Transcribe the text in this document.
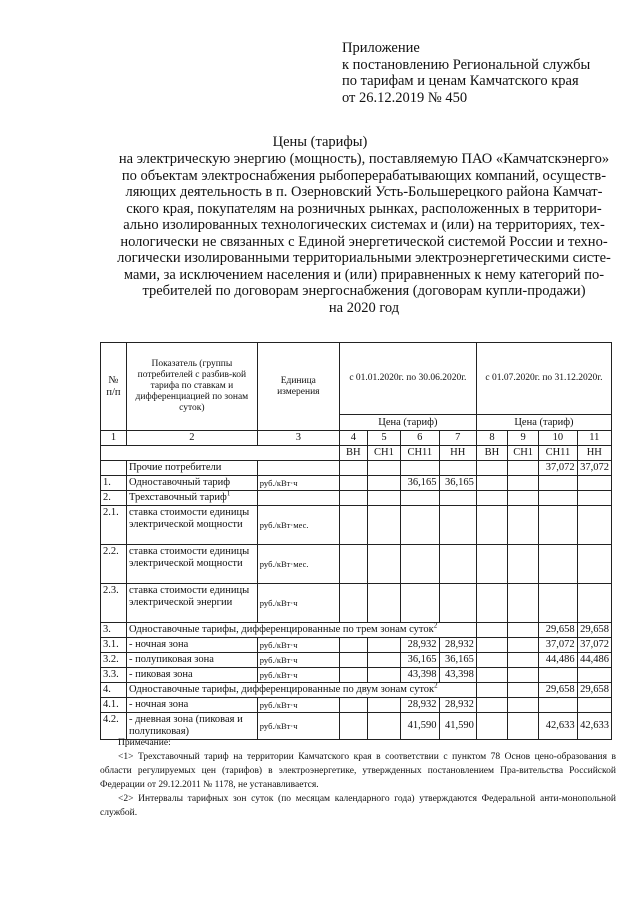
Приложение
к постановлению Региональной службы
по тарифам и ценам Камчатского края
от 26.12.2019 № 450
Цены (тарифы)
на электрическую энергию (мощность), поставляемую ПАО «Камчатскэнерго»
по объектам электроснабжения рыбоперерабатывающих компаний, осуществ-
ляющих деятельность в п. Озерновский Усть-Большерецкого района Камчат-
ского края, покупателям на розничных рынках, расположенных в территори-
ально изолированных технологических системах и (или) на территориях, тех-
нологически не связанных с Единой энергетической системой России и техно-
логически изолированными территориальными электроэнергетическими систе-
мами, за исключением населения и (или) приравненных к нему категорий по-
требителей по договорам энергоснабжения (договорам купли-продажи)
на 2020 год
№ п/п	Показатель (группы потребителей с разбив-кой тарифа по ставкам и дифференциацией по зонам суток)	Единица измерения	с 01.01.2020г. по 30.06.2020г.				с 01.07.2020г. по 31.12.2020г.			
			Цена (тариф)				Цена (тариф)			
1	2	3	4	5	6	7	8	9	10	11
			ВН	СН1	СН11	НН	ВН	СН1	СН11	НН
	Прочие потребители								37,072	37,072
1.	Одноставочный тариф	руб./кВт·ч			36,165	36,165				
2.	Трехставочный тариф$^1$									
2.1.	ставка стоимости единицы электрической мощности	руб./кВт·мес.								
2.2.	ставка стоимости единицы электрической мощности	руб./кВт·мес.								
2.3.	ставка стоимости единицы электрической энергии	руб./кВт·ч								
3.	Одноставочные тарифы, дифференцированные по трем зонам суток$^2$								29,658	29,658
3.1.	- ночная зона	руб./кВт·ч			28,932	28,932			37,072	37,072
3.2.	- полупиковая зона	руб./кВт·ч			36,165	36,165			44,486	44,486
3.3.	- пиковая зона	руб./кВт·ч			43,398	43,398				
4.	Одноставочные тарифы, дифференцированные по двум зонам суток$^2$								29,658	29,658
4.1.	- ночная зона	руб./кВт·ч			28,932	28,932				
4.2.	- дневная зона (пиковая и полупиковая)	руб./кВт·ч			41,590	41,590			42,633	42,633
Примечание:
<1> Трехставочный тариф на территории Камчатского края в соответствии с пунктом 78 Основ цено-образования в области регулируемых цен (тарифов) в электроэнергетике, утвержденных постановлением Пра-вительства Российской Федерации от 29.12.2011 № 1178, не устанавливается.
<2> Интервалы тарифных зон суток (по месяцам календарного года) утверждаются Федеральной анти-монопольной службой.
